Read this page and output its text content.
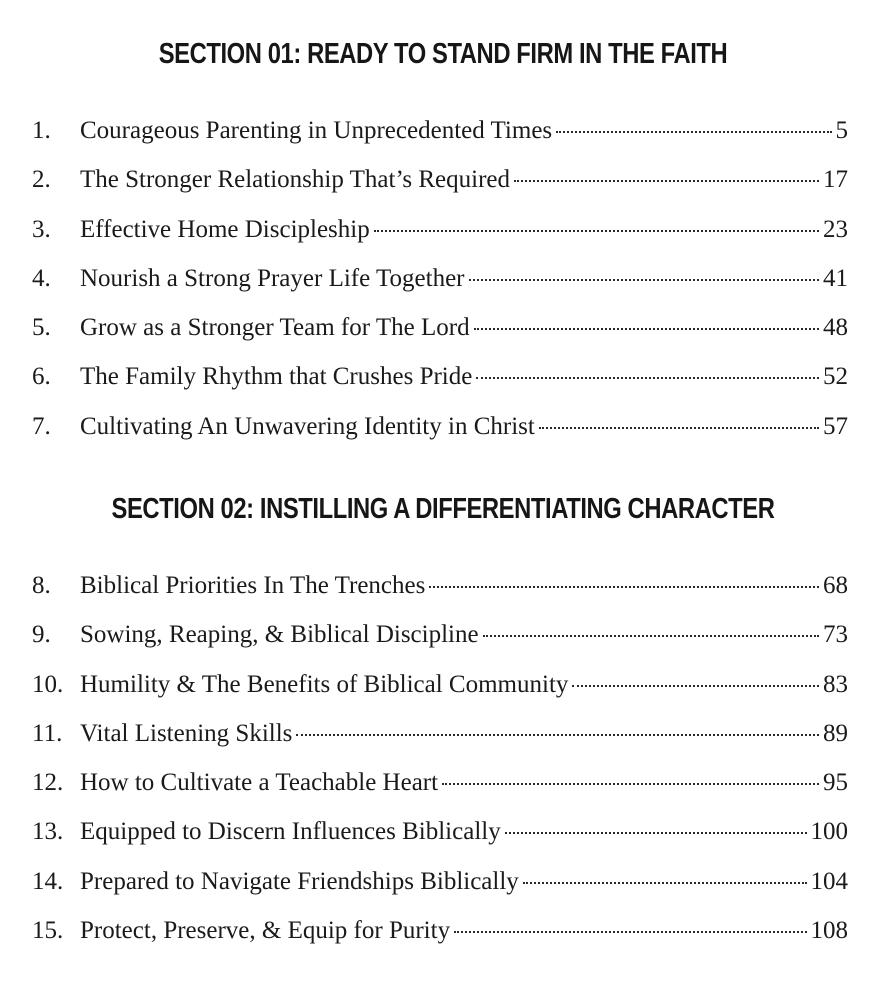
SECTION 01: READY TO STAND FIRM IN THE FAITH
1.	Courageous Parenting in Unprecedented Times	5
2.	The Stronger Relationship That’s Required	17
3.	Effective Home Discipleship	23
4.	Nourish a Strong Prayer Life Together	41
5.	Grow as a Stronger Team for The Lord	48
6.	The Family Rhythm that Crushes Pride	52
7.	Cultivating An Unwavering Identity in Christ	57
SECTION 02: INSTILLING A DIFFERENTIATING CHARACTER
8.	Biblical Priorities In The Trenches	68
9.	Sowing, Reaping, & Biblical Discipline	73
10. Humility & The Benefits of Biblical Community	83
11. Vital Listening Skills	89
12. How to Cultivate a Teachable Heart	95
13. Equipped to Discern Influences Biblically	100
14. Prepared to Navigate Friendships Biblically	104
15. Protect, Preserve, & Equip for Purity	108
